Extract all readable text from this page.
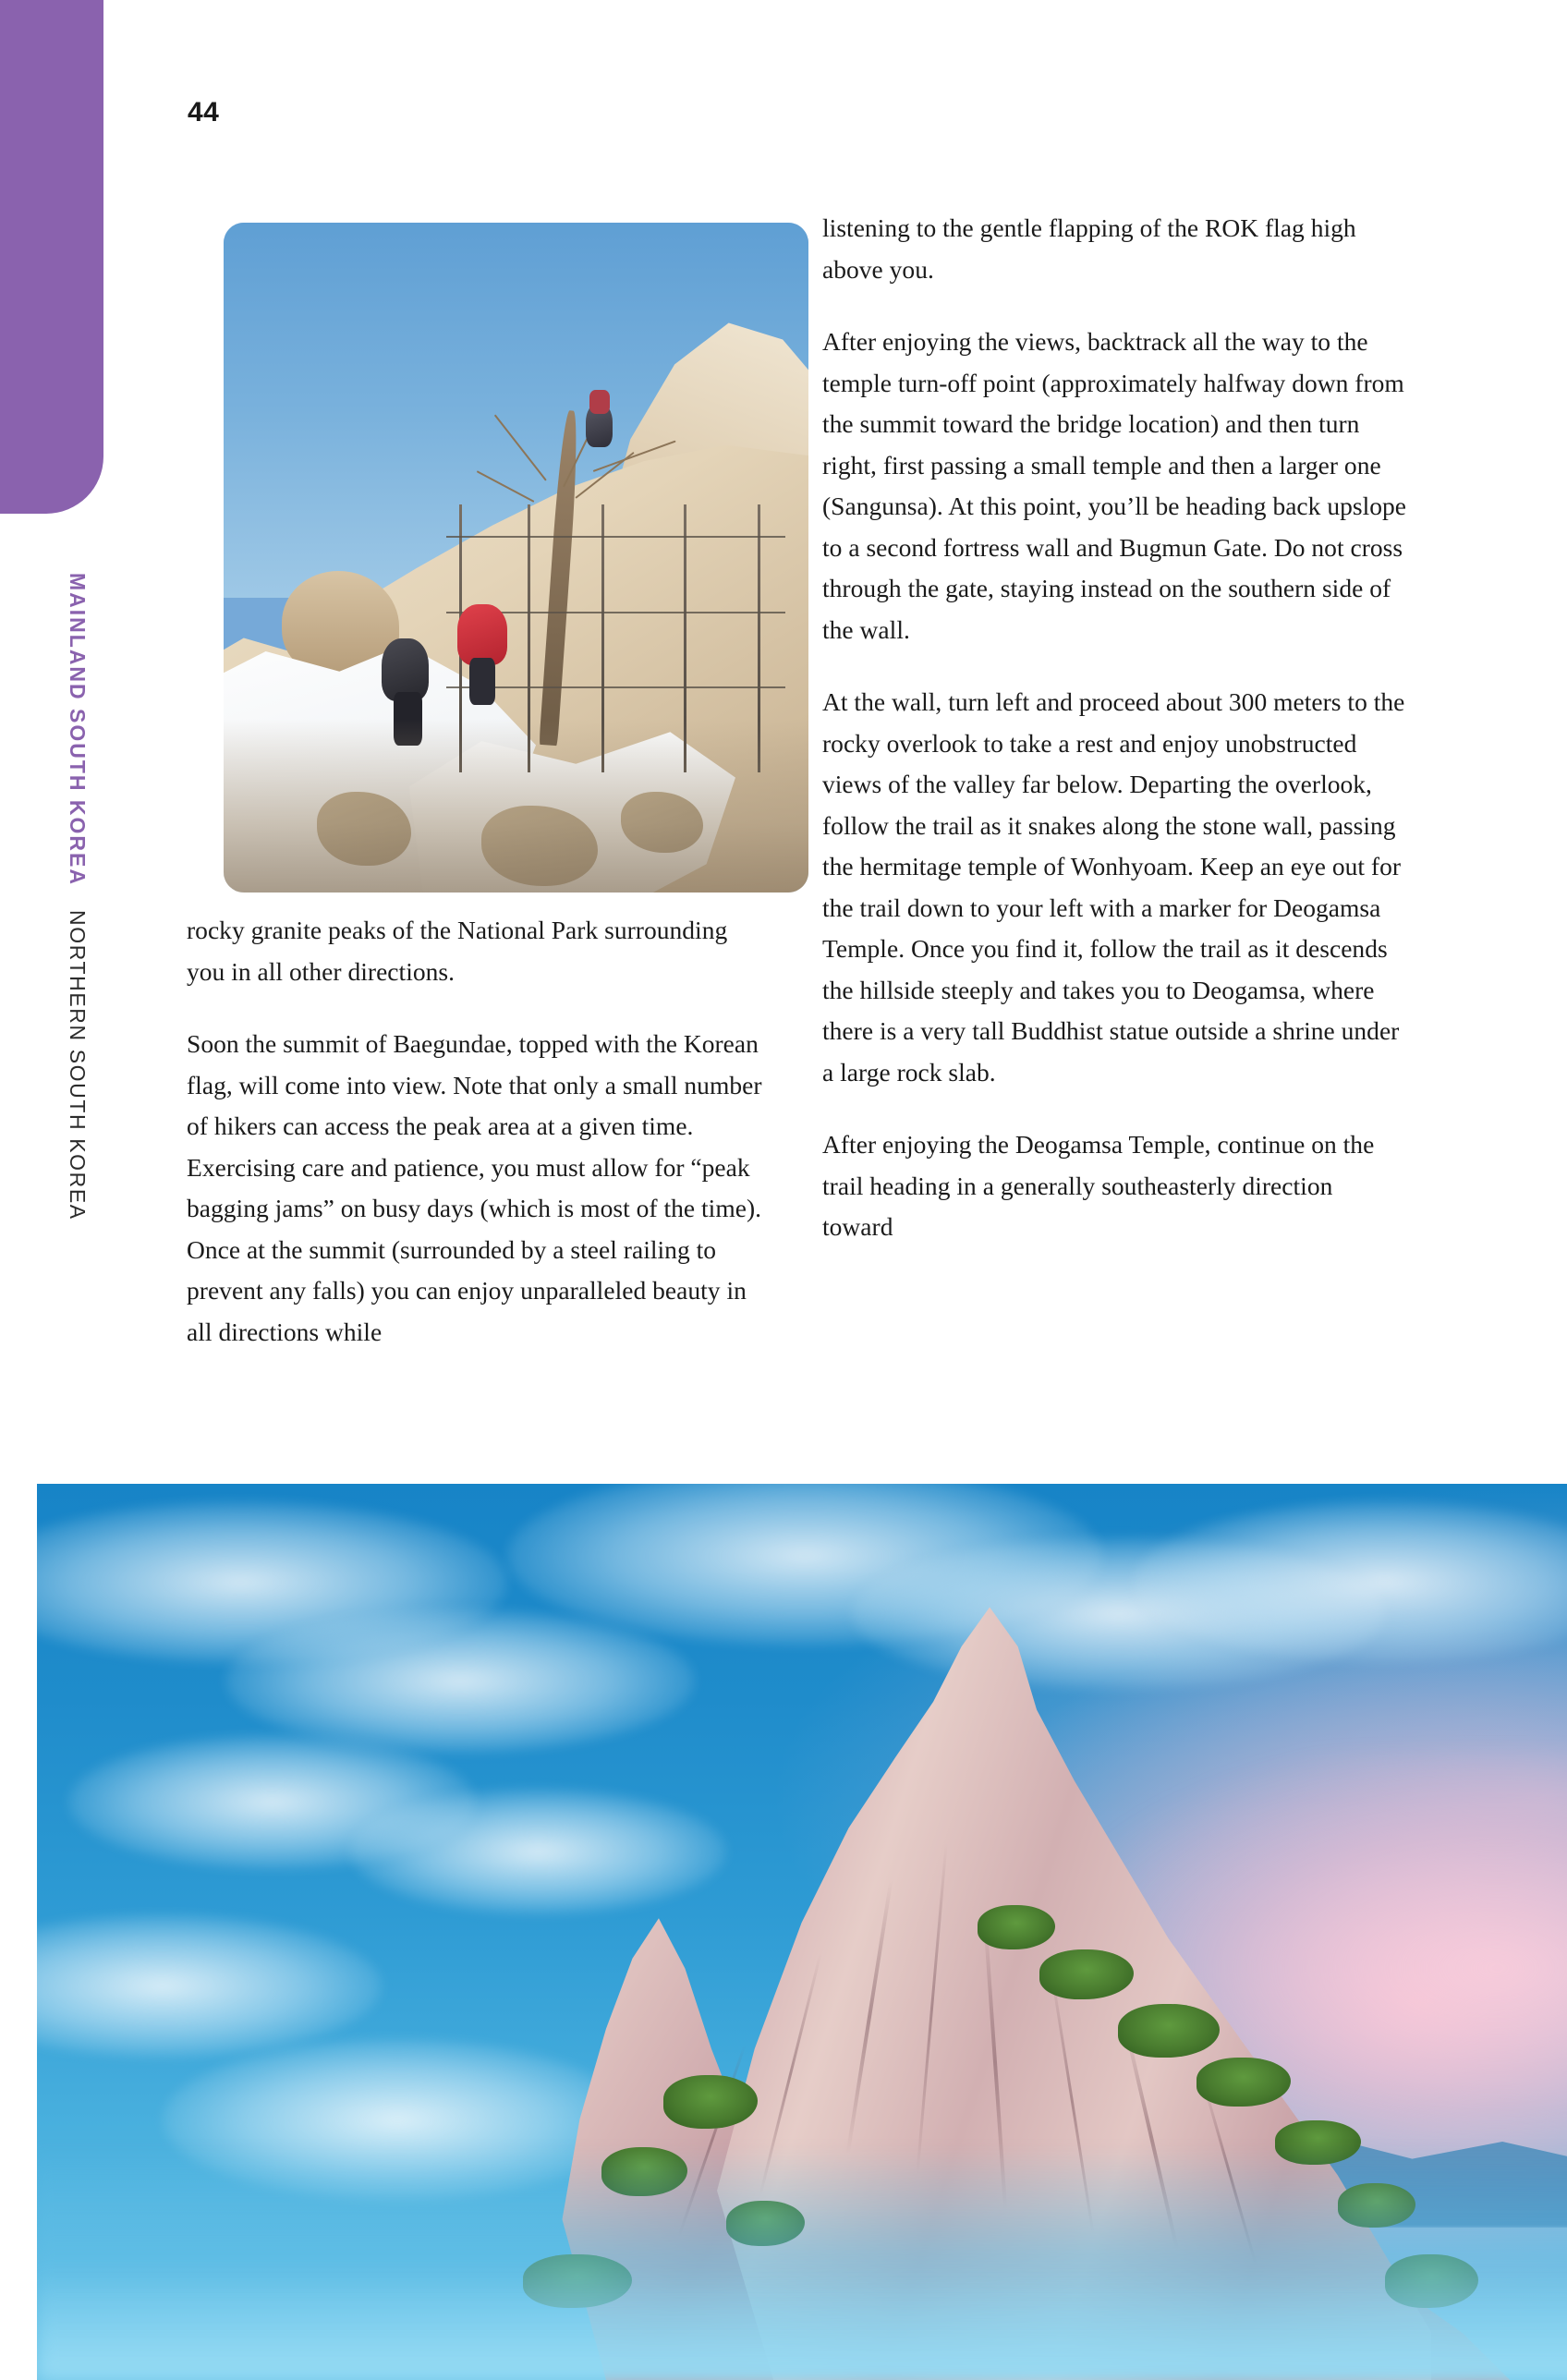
44
MAINLAND SOUTH KOREA
NORTHERN SOUTH KOREA	rocky granite peaks of the National Park surrounding you in all other directions.

Soon the summit of Baegundae, topped with the Korean flag, will come into view. Note that only a small number of hikers can access the peak area at a given time. Exercising care and patience, you must allow for “peak bagging jams” on busy days (which is most of the time). Once at the summit (surrounded by a steel railing to prevent any falls) you can enjoy unparalleled beauty in all directions while

listening to the gentle flapping of the ROK flag high above you.

After enjoying the views, backtrack all the way to the temple turn-off point (approximately halfway down from the summit toward the bridge location) and then turn right, first passing a small temple and then a larger one (Sangunsa). At this point, you’ll be heading back upslope to a second fortress wall and Bugmun Gate. Do not cross through the gate, staying instead on the southern side of the wall.

At the wall, turn left and proceed about 300 meters to the rocky overlook to take a rest and enjoy unobstructed views of the valley far below. Departing the overlook, follow the trail as it snakes along the stone wall, passing the hermitage temple of Wonhyoam. Keep an eye out for the trail down to your left with a marker for Deogamsa Temple. Once you find it, follow the trail as it descends the hillside steeply and takes you to Deogamsa, where there is a very tall Buddhist statue outside a shrine under a large rock slab.

After enjoying the Deogamsa Temple, continue on the trail heading in a generally southeasterly direction toward
